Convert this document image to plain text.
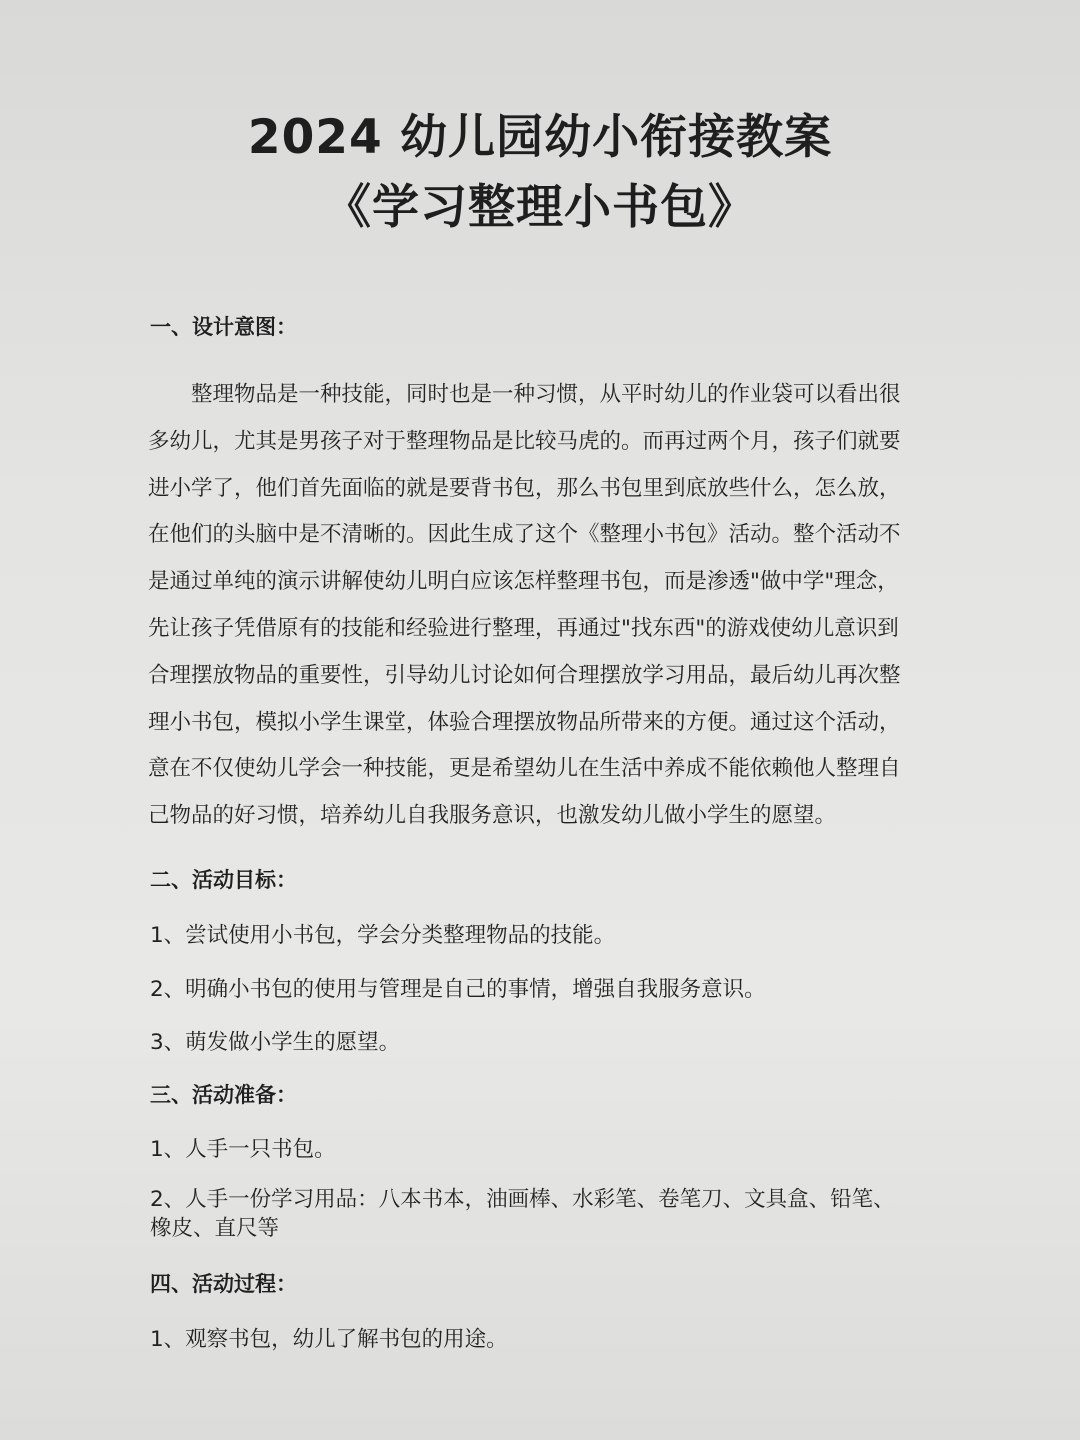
2024 幼儿园幼小衔接教案
《学习整理小书包》
一、设计意图：
　　整理物品是一种技能，同时也是一种习惯，从平时幼儿的作业袋可以看出很
多幼儿，尤其是男孩子对于整理物品是比较马虎的。而再过两个月，孩子们就要
进小学了，他们首先面临的就是要背书包，那么书包里到底放些什么，怎么放，
在他们的头脑中是不清晰的。因此生成了这个《整理小书包》活动。整个活动不
是通过单纯的演示讲解使幼儿明白应该怎样整理书包，而是渗透"做中学"理念，
先让孩子凭借原有的技能和经验进行整理，再通过"找东西"的游戏使幼儿意识到
合理摆放物品的重要性，引导幼儿讨论如何合理摆放学习用品，最后幼儿再次整
理小书包，模拟小学生课堂，体验合理摆放物品所带来的方便。通过这个活动，
意在不仅使幼儿学会一种技能，更是希望幼儿在生活中养成不能依赖他人整理自
己物品的好习惯，培养幼儿自我服务意识，也激发幼儿做小学生的愿望。
二、活动目标：
1、尝试使用小书包，学会分类整理物品的技能。
2、明确小书包的使用与管理是自己的事情，增强自我服务意识。
3、萌发做小学生的愿望。
三、活动准备：
1、人手一只书包。
2、人手一份学习用品：八本书本，油画棒、水彩笔、卷笔刀、文具盒、铅笔、
橡皮、直尺等
四、活动过程：
1、观察书包，幼儿了解书包的用途。
